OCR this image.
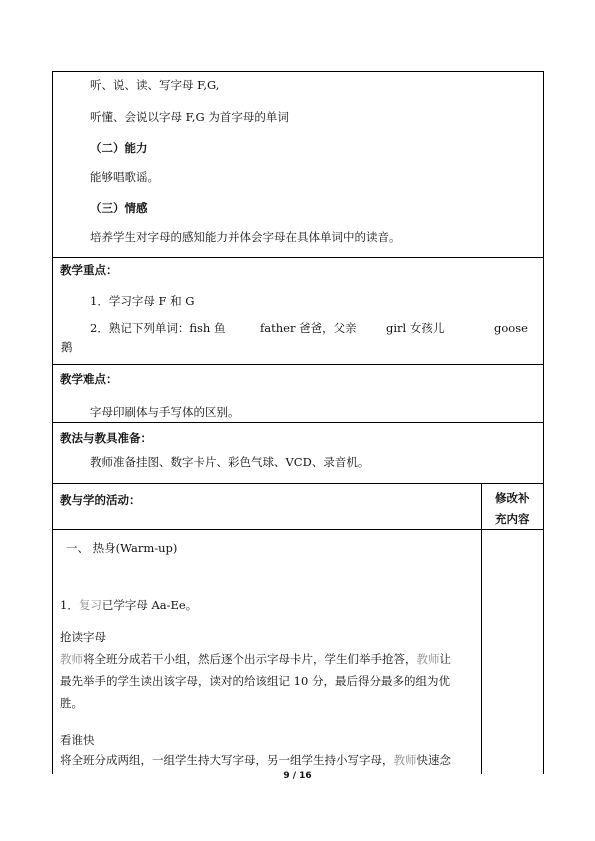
听、说、读、写字母 F,G,
听懂、会说以字母 F,G 为首字母的单词
（二）能力
能够唱歌谣。
（三）情感
培养学生对字母的感知能力并体会字母在具体单词中的读音。
教学重点：
1．学习字母 F 和 G
2．熟记下列单词：fish 鱼	father 爸爸，父亲	girl 女孩儿	goose
鹅
教学难点：
字母印刷体与手写体的区别。
教法与教具准备：
教师准备挂图、数字卡片、彩色气球、VCD、录音机。
教与学的活动：	修改补
充内容
一、 热身(Warm-up)
1．复习已学字母 Aa-Ee。
抢读字母
教师将全班分成若干小组，然后逐个出示字母卡片，学生们举手抢答，教师让
最先举手的学生读出该字母，读对的给该组记 10 分，最后得分最多的组为优
胜。
看谁快
将全班分成两组，一组学生持大写字母，另一组学生持小写字母，教师快速念
9 / 16
